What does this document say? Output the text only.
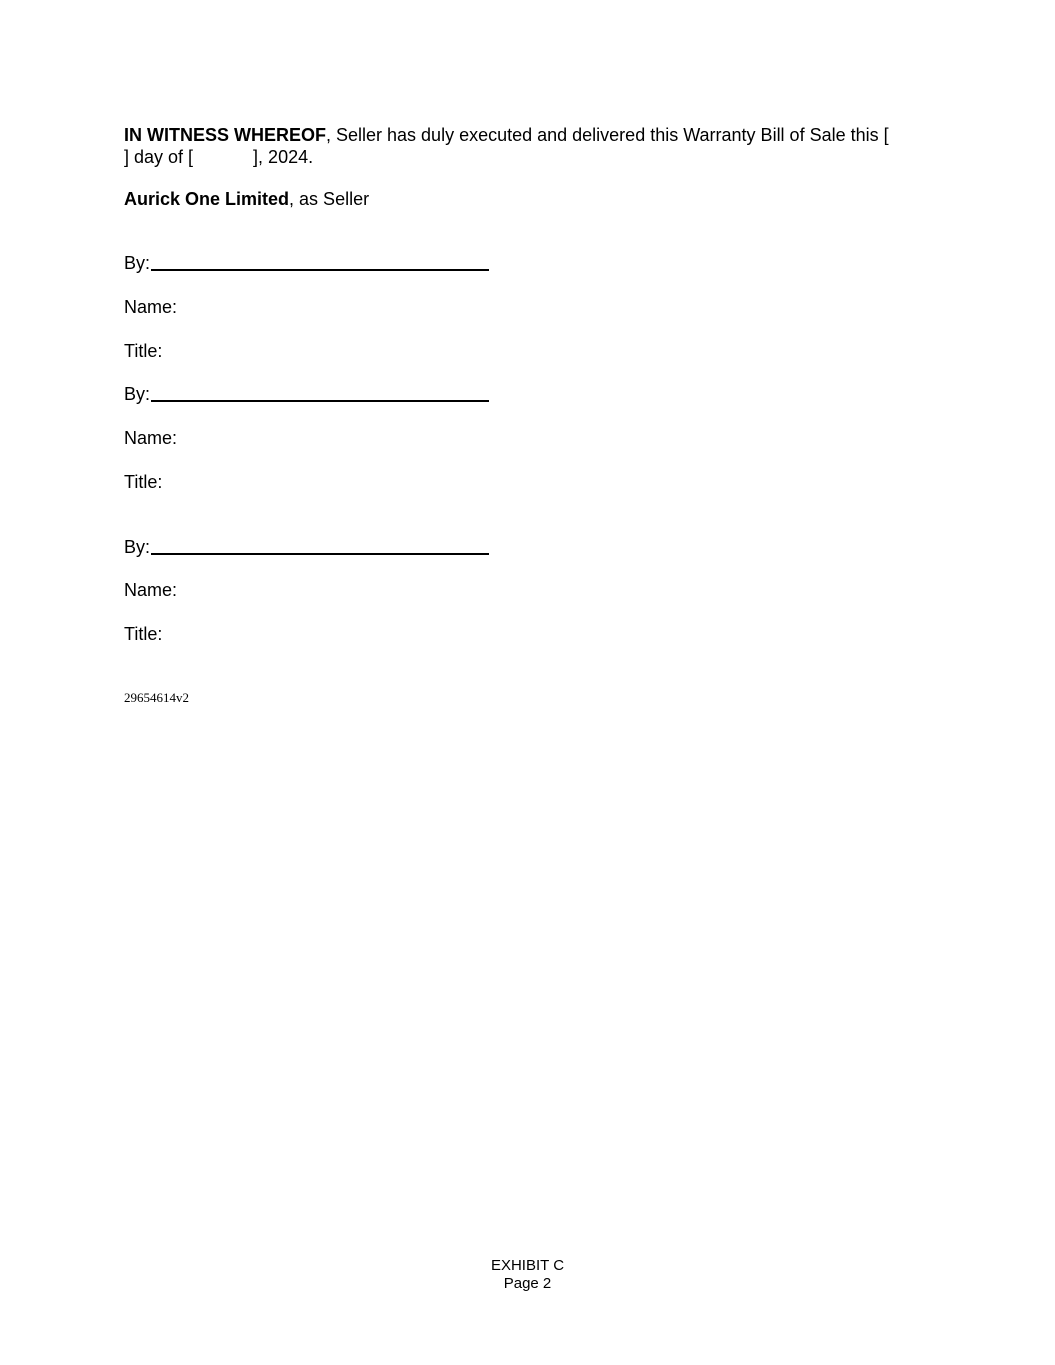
IN WITNESS WHEREOF, Seller has duly executed and delivered this Warranty Bill of Sale this [
] day of [            ], 2024.
Aurick One Limited, as Seller
By:
Name:
Title:
By:
Name:
Title:
By:
Name:
Title:
29654614v2
EXHIBIT C
Page 2
